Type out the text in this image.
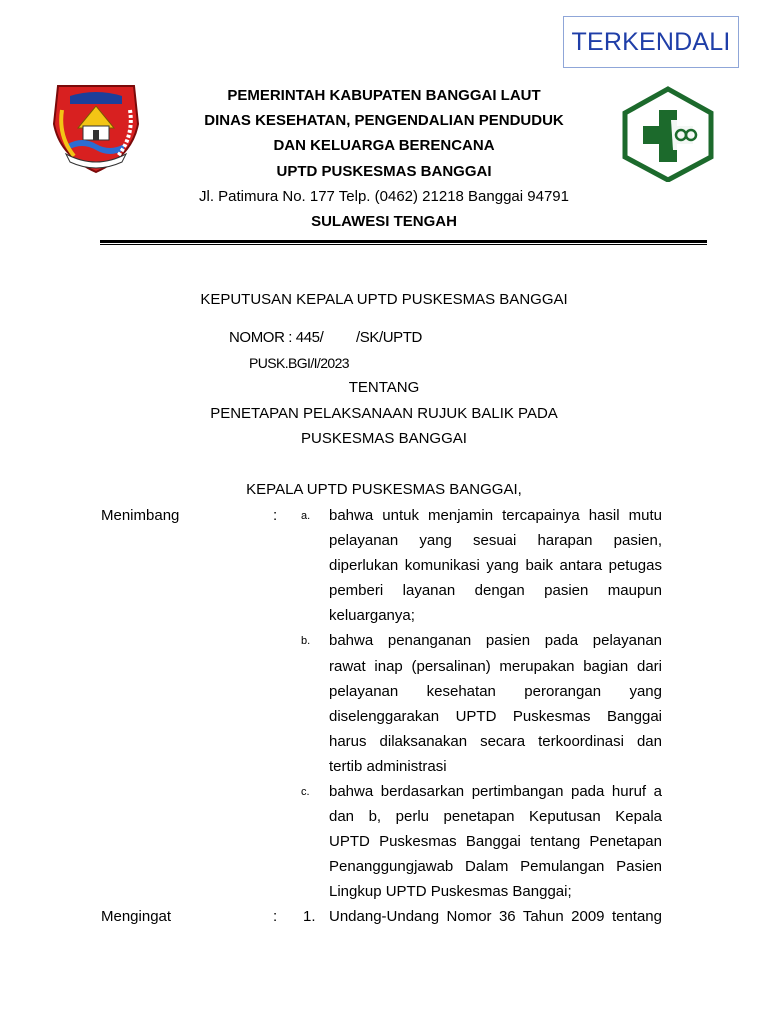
TERKENDALI
PEMERINTAH KABUPATEN BANGGAI LAUT
DINAS KESEHATAN, PENGENDALIAN PENDUDUK
DAN KELUARGA BERENCANA
UPTD PUSKESMAS BANGGAI
Jl. Patimura No. 177 Telp. (0462) 21218 Banggai 94791
SULAWESI TENGAH
KEPUTUSAN KEPALA UPTD PUSKESMAS BANGGAI
NOMOR : 445/ /SK/UPTD
PUSK.BGI/I/2023
TENTANG
PENETAPAN PELAKSANAAN RUJUK BALIK PADA
PUSKESMAS BANGGAI
KEPALA UPTD PUSKESMAS BANGGAI,
Menimbang	: a. bahwa untuk menjamin tercapainya hasil mutu
pelayanan yang sesuai harapan pasien,
diperlukan komunikasi yang baik antara petugas
pemberi layanan dengan pasien maupun
keluarganya;
b. bahwa penanganan pasien pada pelayanan
rawat inap (persalinan) merupakan bagian dari
pelayanan kesehatan perorangan yang
diselenggarakan UPTD Puskesmas Banggai
harus dilaksanakan secara terkoordinasi dan
tertib administrasi
c. bahwa berdasarkan pertimbangan pada huruf a
dan b, perlu penetapan Keputusan Kepala
UPTD Puskesmas Banggai tentang Penetapan
Penanggungjawab Dalam Pemulangan Pasien
Lingkup UPTD Puskesmas Banggai;
Mengingat	: 1. Undang-Undang Nomor 36 Tahun 2009 tentang
